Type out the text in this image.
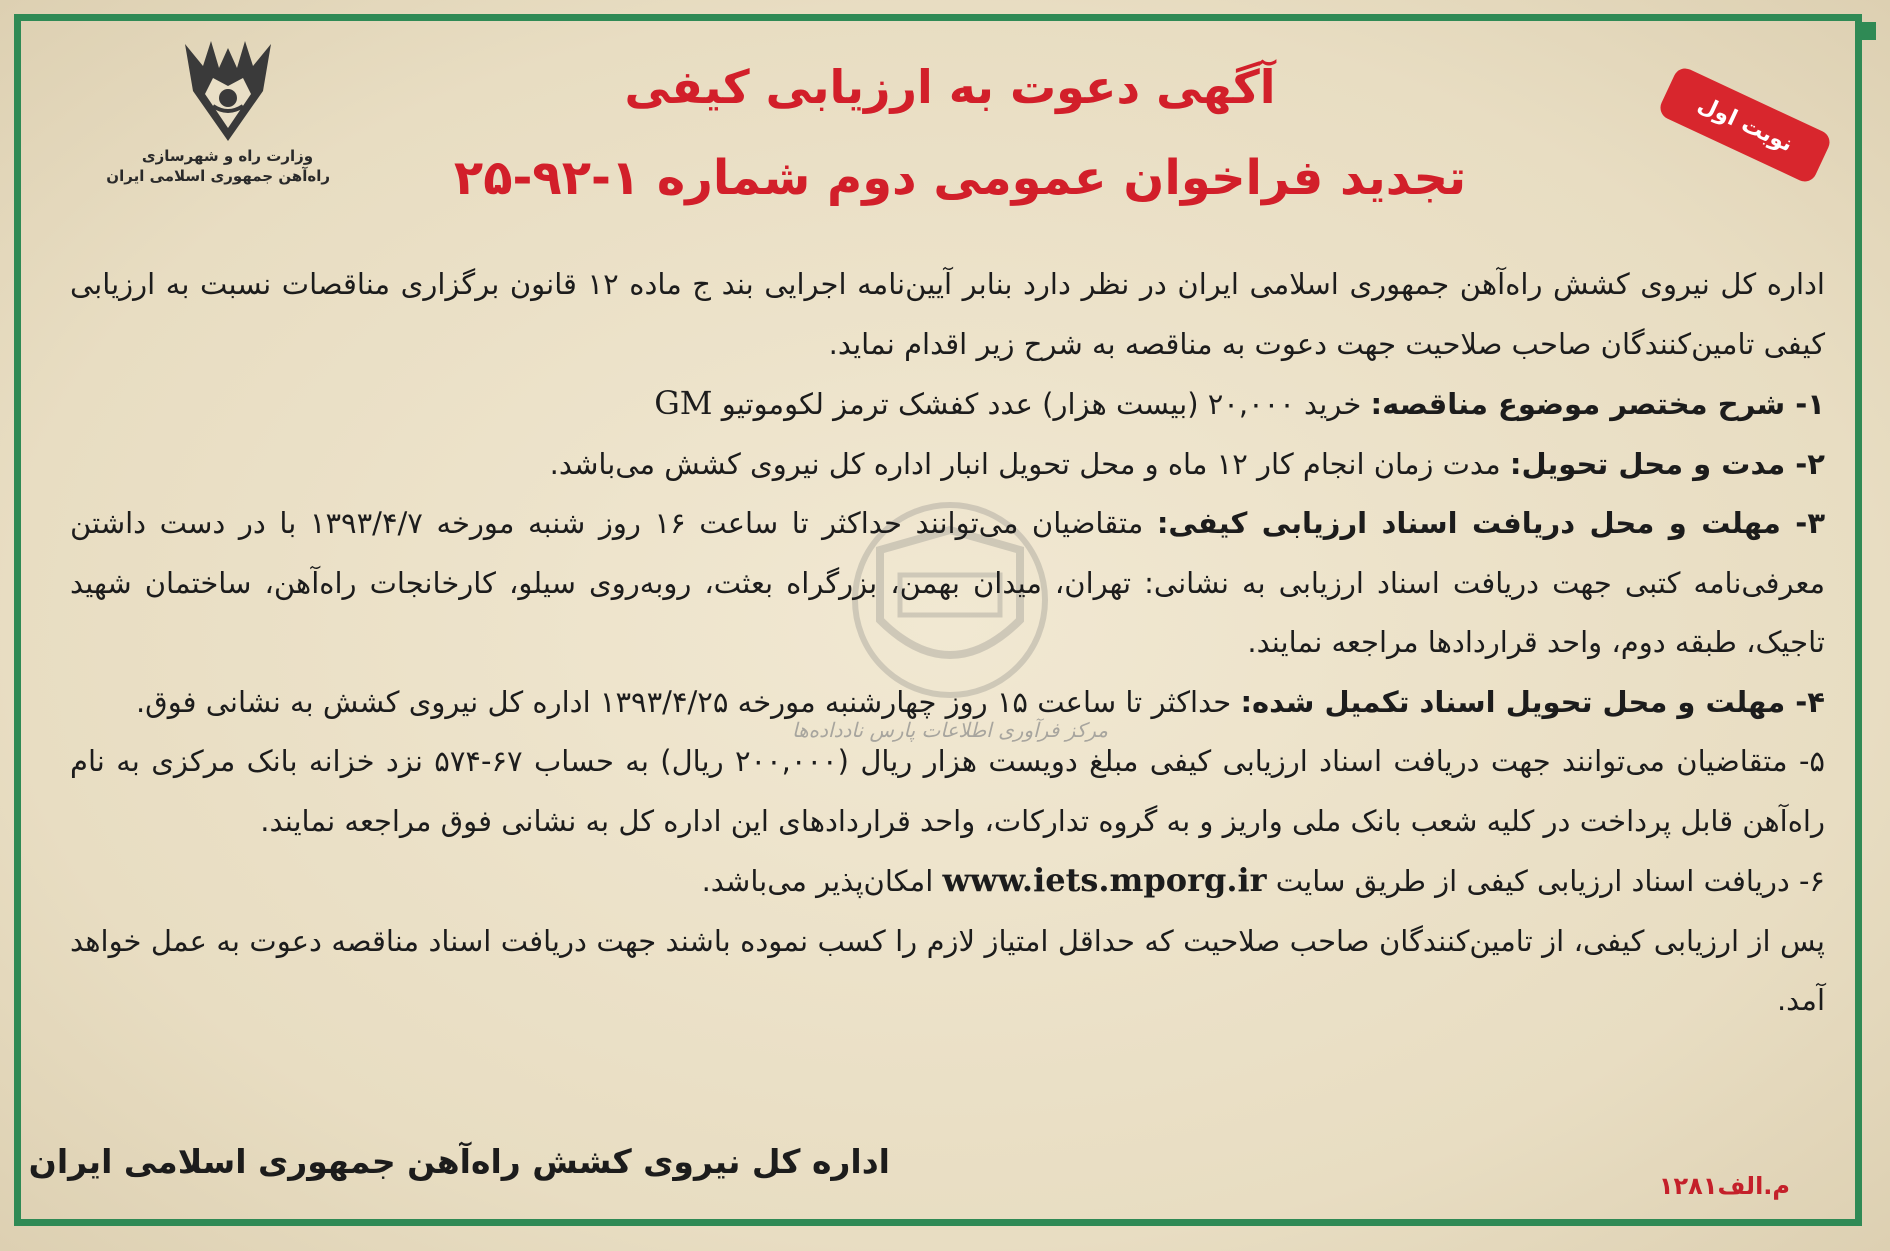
وزارت راه و شهرسازی
راه‌آهن جمهوری اسلامی ایران
آگهی دعوت به ارزیابی کیفی
تجدید فراخوان عمومی دوم شماره ۱-۹۲-۲۵
نوبت اول
مرکز فرآوری اطلاعات پارس نادداده‌ها

اداره کل نیروی کشش راه‌آهن جمهوری اسلامی ایران در نظر دارد بنابر آیین‌نامه اجرایی بند ج ماده ۱۲ قانون برگزاری مناقصات نسبت به ارزیابی کیفی تامین‌کنندگان صاحب صلاحیت جهت دعوت به مناقصه به شرح زیر اقدام نماید.

۱- شرح مختصر موضوع مناقصه: خرید ۲۰,۰۰۰ (بیست هزار) عدد کفشک ترمز لکوموتیو GM

۲- مدت و محل تحویل: مدت زمان انجام کار ۱۲ ماه و محل تحویل انبار اداره کل نیروی کشش می‌باشد.

۳- مهلت و محل دریافت اسناد ارزیابی کیفی: متقاضیان می‌توانند حداکثر تا ساعت ۱۶ روز شنبه مورخه ۱۳۹۳/۴/۷ با در دست داشتن معرفی‌نامه کتبی جهت دریافت اسناد ارزیابی به نشانی: تهران، میدان بهمن، بزرگراه بعثت، روبه‌روی سیلو، کارخانجات راه‌آهن، ساختمان شهید تاجیک، طبقه دوم، واحد قراردادها مراجعه نمایند.

۴- مهلت و محل تحویل اسناد تکمیل شده: حداکثر تا ساعت ۱۵ روز چهارشنبه مورخه ۱۳۹۳/۴/۲۵ اداره کل نیروی کشش به نشانی فوق.

۵- متقاضیان می‌توانند جهت دریافت اسناد ارزیابی کیفی مبلغ دویست هزار ریال (۲۰۰,۰۰۰ ریال) به حساب ۶۷-۵۷۴ نزد خزانه بانک مرکزی به نام راه‌آهن قابل پرداخت در کلیه شعب بانک ملی واریز و به گروه تدارکات، واحد قراردادهای این اداره کل به نشانی فوق مراجعه نمایند.

۶- دریافت اسناد ارزیابی کیفی از طریق سایت www.iets.mporg.ir امکان‌پذیر می‌باشد.

پس از ارزیابی کیفی، از تامین‌کنندگان صاحب صلاحیت که حداقل امتیاز لازم را کسب نموده باشند جهت دریافت اسناد مناقصه دعوت به عمل خواهد آمد.

اداره کل نیروی کشش راه‌آهن جمهوری اسلامی ایران
م.الف۱۲۸۱
